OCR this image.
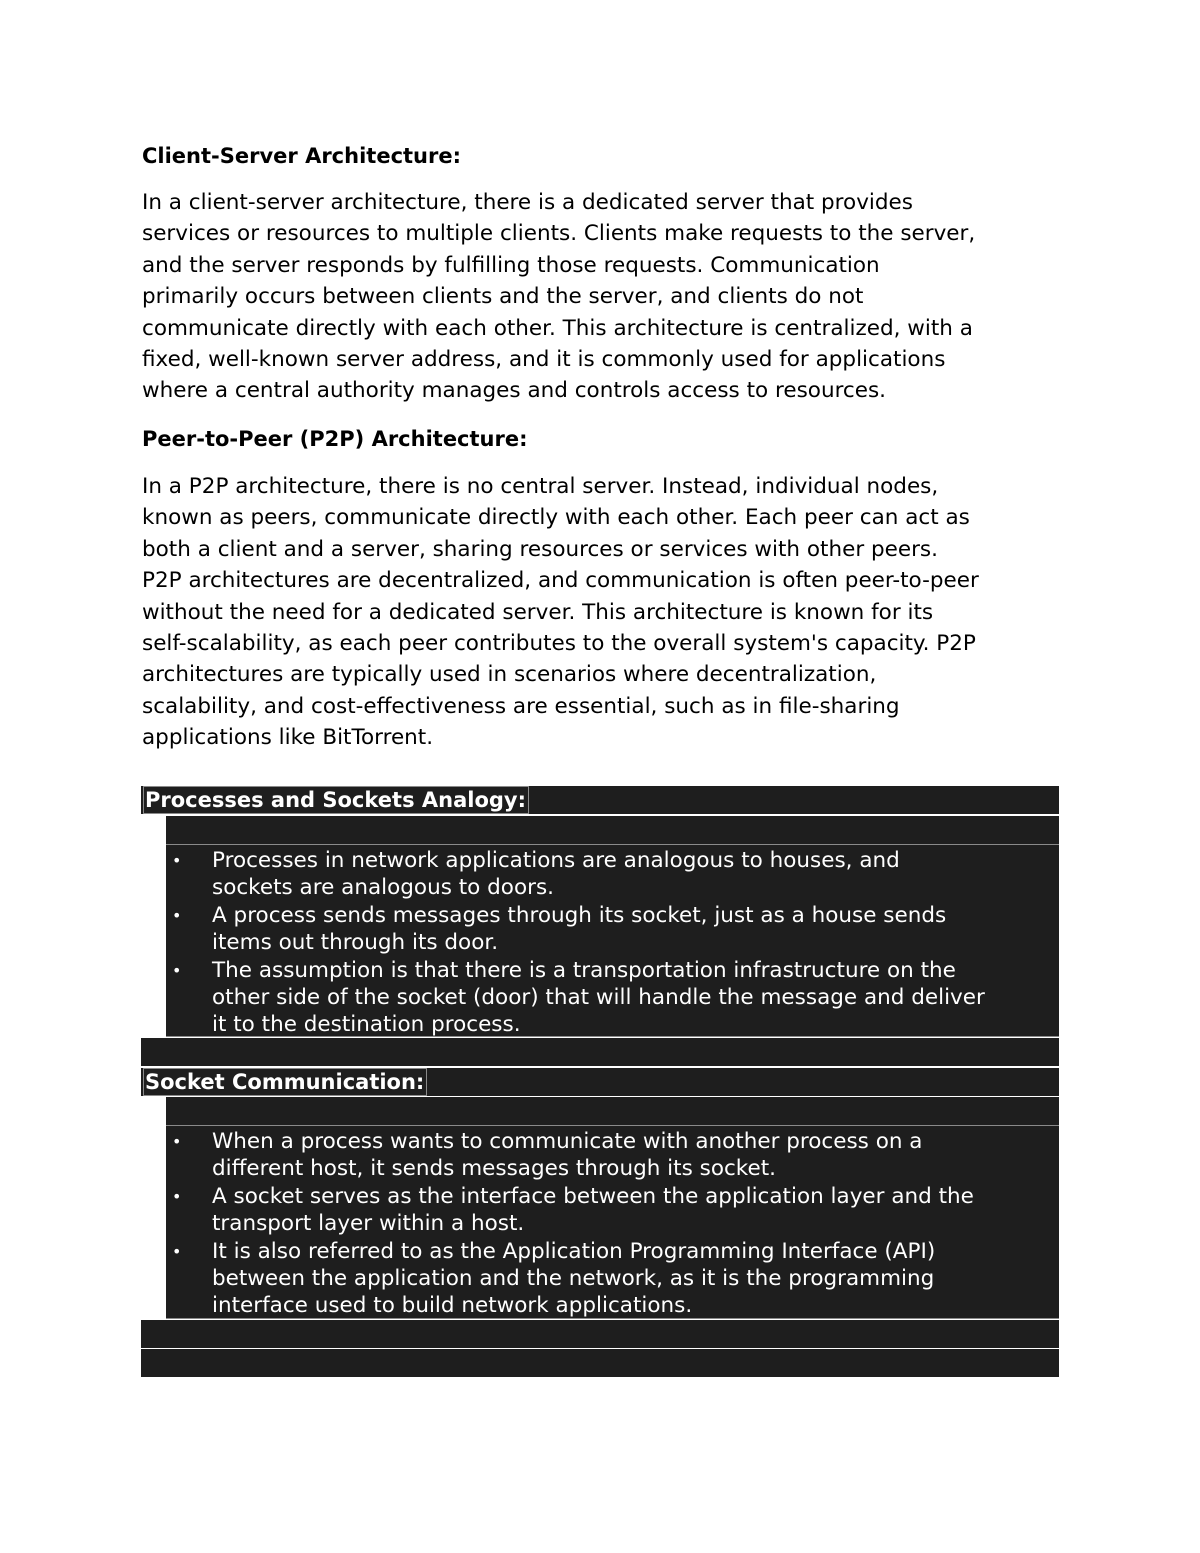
Client-Server Architecture:

In a client-server architecture, there is a dedicated server that provides
services or resources to multiple clients. Clients make requests to the server,
and the server responds by fulfilling those requests. Communication
primarily occurs between clients and the server, and clients do not
communicate directly with each other. This architecture is centralized, with a
fixed, well-known server address, and it is commonly used for applications
where a central authority manages and controls access to resources.

Peer-to-Peer (P2P) Architecture:

In a P2P architecture, there is no central server. Instead, individual nodes,
known as peers, communicate directly with each other. Each peer can act as
both a client and a server, sharing resources or services with other peers.
P2P architectures are decentralized, and communication is often peer-to-peer
without the need for a dedicated server. This architecture is known for its
self-scalability, as each peer contributes to the overall system's capacity. P2P
architectures are typically used in scenarios where decentralization,
scalability, and cost-effectiveness are essential, such as in file-sharing
applications like BitTorrent.

Processes and Sockets Analogy:
• Processes in network applications are analogous to houses, and
sockets are analogous to doors.
• A process sends messages through its socket, just as a house sends
items out through its door.
• The assumption is that there is a transportation infrastructure on the
other side of the socket (door) that will handle the message and deliver
it to the destination process.
Socket Communication:
• When a process wants to communicate with another process on a
different host, it sends messages through its socket.
• A socket serves as the interface between the application layer and the
transport layer within a host.
• It is also referred to as the Application Programming Interface (API)
between the application and the network, as it is the programming
interface used to build network applications.
